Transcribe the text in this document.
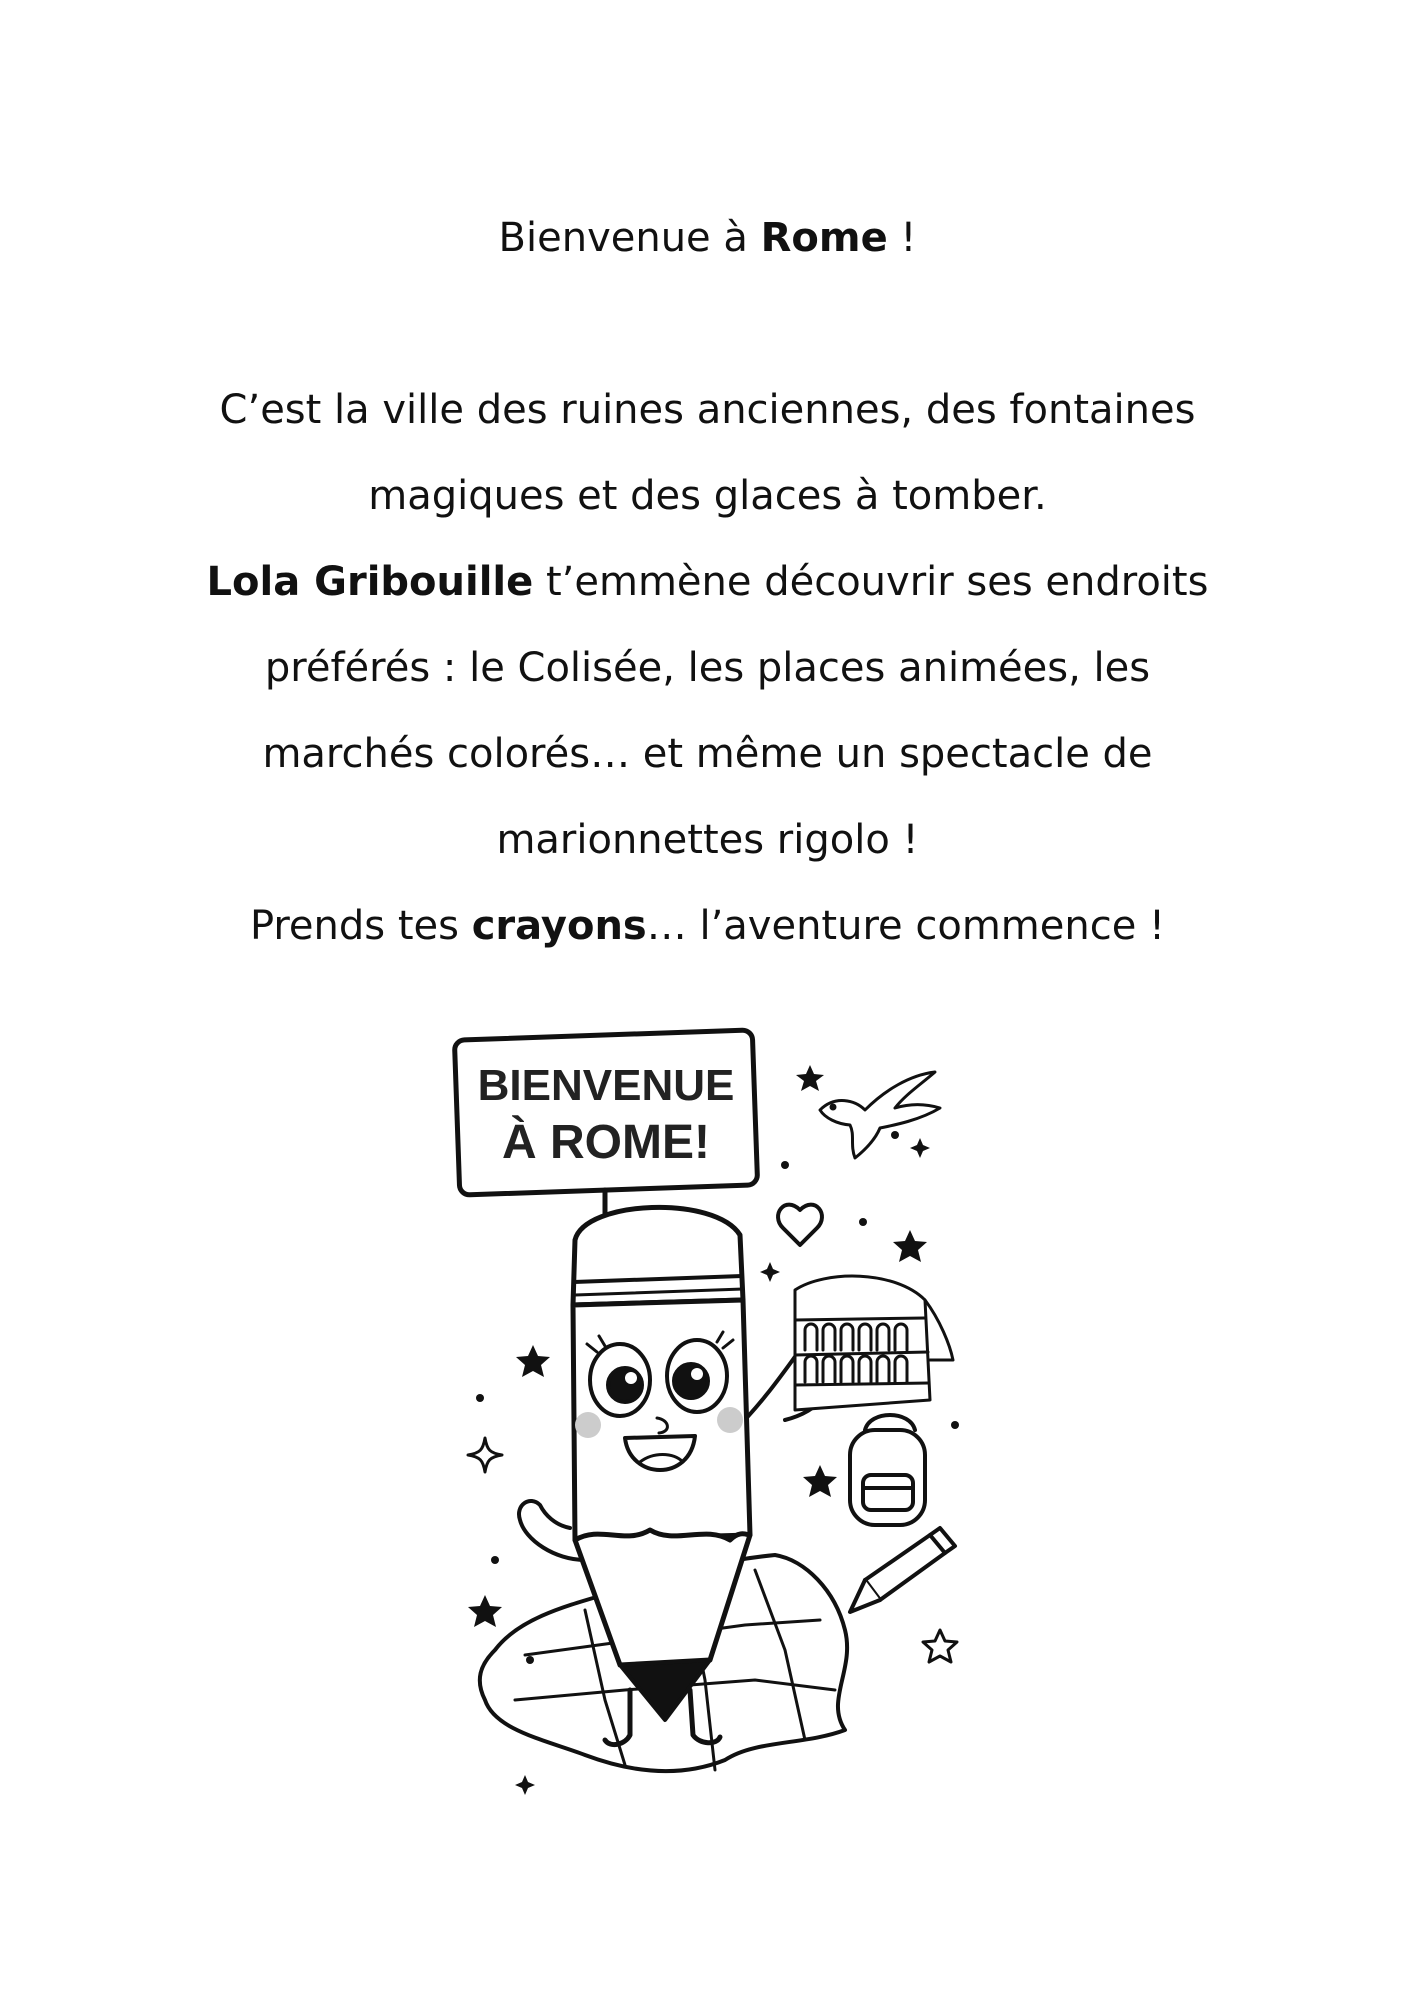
Bienvenue à Rome !
C’est la ville des ruines anciennes, des fontaines
magiques et des glaces à tomber.
Lola Gribouille t’emmène découvrir ses endroits
préférés : le Colisée, les places animées, les
marchés colorés… et même un spectacle de
marionnettes rigolo !
Prends tes crayons… l’aventure commence !
BIENVENUE
À ROME!
